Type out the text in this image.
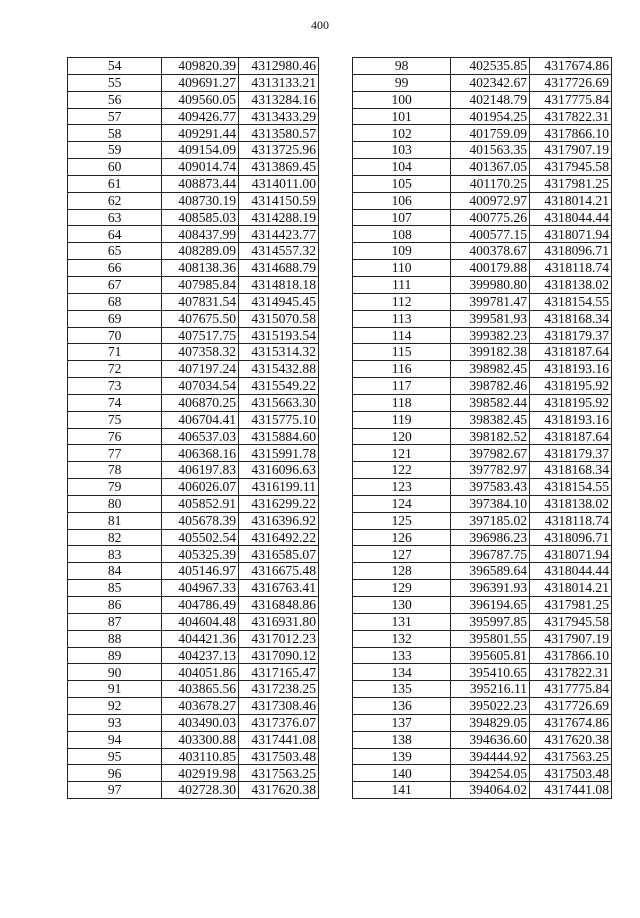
400
54	409820.39	4312980.46
55	409691.27	4313133.21
56	409560.05	4313284.16
57	409426.77	4313433.29
58	409291.44	4313580.57
59	409154.09	4313725.96
60	409014.74	4313869.45
61	408873.44	4314011.00
62	408730.19	4314150.59
63	408585.03	4314288.19
64	408437.99	4314423.77
65	408289.09	4314557.32
66	408138.36	4314688.79
67	407985.84	4314818.18
68	407831.54	4314945.45
69	407675.50	4315070.58
70	407517.75	4315193.54
71	407358.32	4315314.32
72	407197.24	4315432.88
73	407034.54	4315549.22
74	406870.25	4315663.30
75	406704.41	4315775.10
76	406537.03	4315884.60
77	406368.16	4315991.78
78	406197.83	4316096.63
79	406026.07	4316199.11
80	405852.91	4316299.22
81	405678.39	4316396.92
82	405502.54	4316492.22
83	405325.39	4316585.07
84	405146.97	4316675.48
85	404967.33	4316763.41
86	404786.49	4316848.86
87	404604.48	4316931.80
88	404421.36	4317012.23
89	404237.13	4317090.12
90	404051.86	4317165.47
91	403865.56	4317238.25
92	403678.27	4317308.46
93	403490.03	4317376.07
94	403300.88	4317441.08
95	403110.85	4317503.48
96	402919.98	4317563.25
97	402728.30	4317620.38
98	402535.85	4317674.86
99	402342.67	4317726.69
100	402148.79	4317775.84
101	401954.25	4317822.31
102	401759.09	4317866.10
103	401563.35	4317907.19
104	401367.05	4317945.58
105	401170.25	4317981.25
106	400972.97	4318014.21
107	400775.26	4318044.44
108	400577.15	4318071.94
109	400378.67	4318096.71
110	400179.88	4318118.74
111	399980.80	4318138.02
112	399781.47	4318154.55
113	399581.93	4318168.34
114	399382.23	4318179.37
115	399182.38	4318187.64
116	398982.45	4318193.16
117	398782.46	4318195.92
118	398582.44	4318195.92
119	398382.45	4318193.16
120	398182.52	4318187.64
121	397982.67	4318179.37
122	397782.97	4318168.34
123	397583.43	4318154.55
124	397384.10	4318138.02
125	397185.02	4318118.74
126	396986.23	4318096.71
127	396787.75	4318071.94
128	396589.64	4318044.44
129	396391.93	4318014.21
130	396194.65	4317981.25
131	395997.85	4317945.58
132	395801.55	4317907.19
133	395605.81	4317866.10
134	395410.65	4317822.31
135	395216.11	4317775.84
136	395022.23	4317726.69
137	394829.05	4317674.86
138	394636.60	4317620.38
139	394444.92	4317563.25
140	394254.05	4317503.48
141	394064.02	4317441.08
